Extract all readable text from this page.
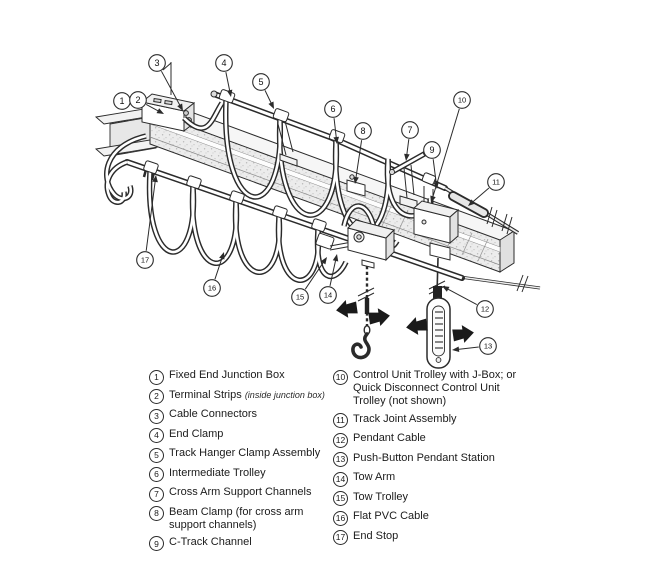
1 2
3	4
5
6
7
8
9
10
11
12
13
14
15
16
17
1 Fixed End Junction Box
2 Terminal Strips (inside junction box)
3 Cable Connectors
4 End Clamp
5 Track Hanger Clamp Assembly
6 Intermediate Trolley
7 Cross Arm Support Channels
8 Beam Clamp (for cross arm support channels)
9 C-Track Channel
10 Control Unit Trolley with J-Box; or Quick Disconnect Control Unit Trolley (not shown)
11 Track Joint Assembly
12 Pendant Cable
13 Push-Button Pendant Station
14 Tow Arm
15 Tow Trolley
16 Flat PVC Cable
17 End Stop
